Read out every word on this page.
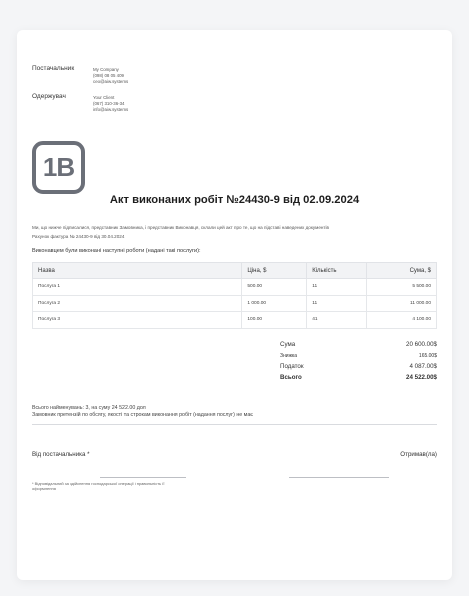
Постачальник	My Company
(098) 08 05 409
ceo@aiw.systems
Одержувач	Your Client
(067) 310-36-34
info@aiw.systems
1B
Акт виконаних робіт №24430-9 від 02.09.2024
Ми, що нижче підписалися, представник Замовника, і представник Виконавця, склали цей акт про те, що на підставі наведених документів
Рахунок фактура № 24430-9 від 30.04.2024
Виконавцем були виконані наступні роботи (надані такі послуги):
Назва	Ціна, $	Кількість	Сума, $
Послуга 1	500.00	11	5 500.00
Послуга 2	1 000.00	11	11 000.00
Послуга 3	100.00	41	4 100.00
Сума	20 600.00$
Знижка	165.00$
Податок	4 087.00$
Всього	24 522.00$
Всього найменувань: 3, на суму 24 522.00 дол
Замовник претензій по обсягу, якості та строкам виконання робіт (надання послуг) не має
Від постачальника *	Отримав(ла)
* Відповідальний за здійснення господарської операції і правильність її оформлення
